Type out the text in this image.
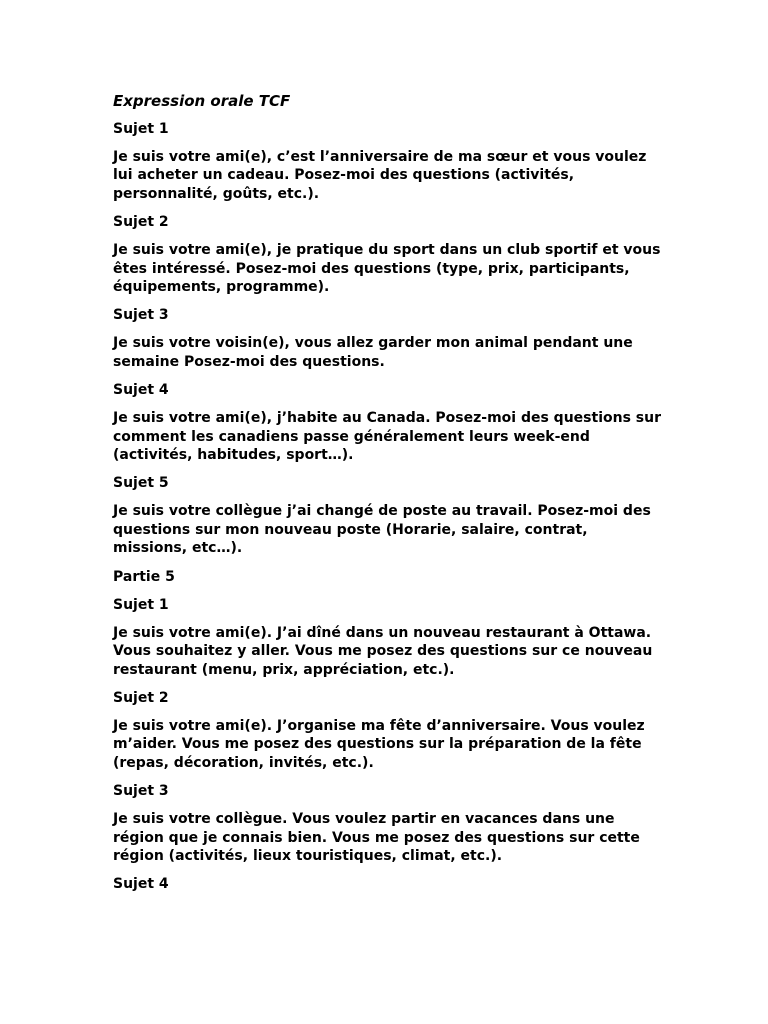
Expression orale TCF
Sujet 1
Je suis votre ami(e), c’est l’anniversaire de ma sœur et vous voulez
lui acheter un cadeau. Posez-moi des questions (activités,
personnalité, goûts, etc.).
Sujet 2
Je suis votre ami(e), je pratique du sport dans un club sportif et vous
êtes intéressé. Posez-moi des questions (type, prix, participants,
équipements, programme).
Sujet 3
Je suis votre voisin(e), vous allez garder mon animal pendant une
semaine Posez-moi des questions.
Sujet 4
Je suis votre ami(e), j’habite au Canada. Posez-moi des questions sur
comment les canadiens passe généralement leurs week-end
(activités, habitudes, sport…).
Sujet 5
Je suis votre collègue j’ai changé de poste au travail. Posez-moi des
questions sur mon nouveau poste (Horarie, salaire, contrat,
missions, etc…).
Partie 5
Sujet 1
Je suis votre ami(e). J’ai dîné dans un nouveau restaurant à Ottawa.
Vous souhaitez y aller. Vous me posez des questions sur ce nouveau
restaurant (menu, prix, appréciation, etc.).
Sujet 2
Je suis votre ami(e). J’organise ma fête d’anniversaire. Vous voulez
m’aider. Vous me posez des questions sur la préparation de la fête
(repas, décoration, invités, etc.).
Sujet 3
Je suis votre collègue. Vous voulez partir en vacances dans une
région que je connais bien. Vous me posez des questions sur cette
région (activités, lieux touristiques, climat, etc.).
Sujet 4
